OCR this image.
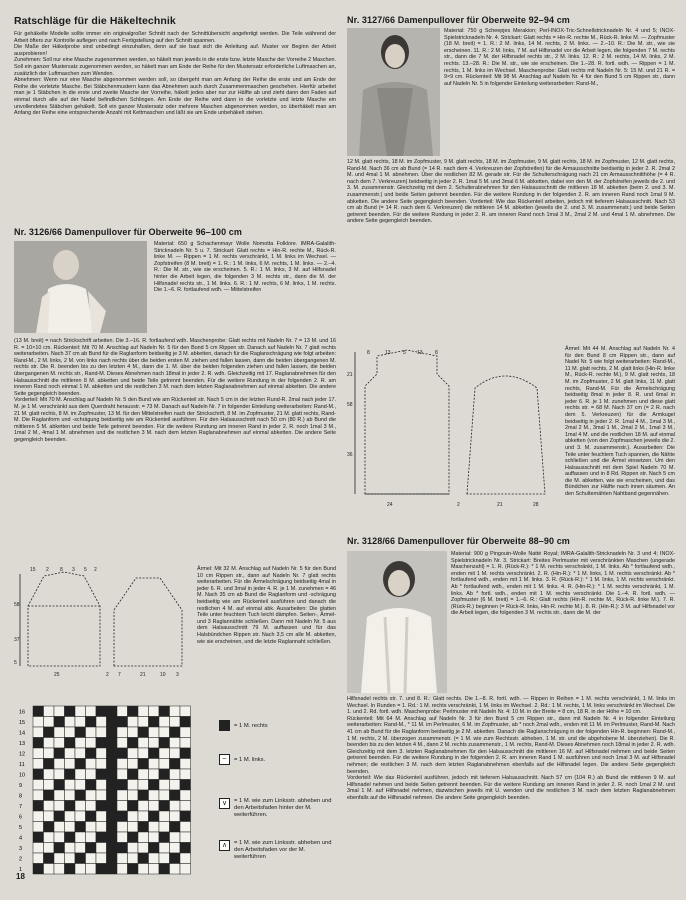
Ratschläge für die Häkeltechnik

Für gehäkelte Modelle sollte immer ein originalgroßer Schnitt nach der Schnittübersicht angefertigt werden. Die Teile während der Arbeit öfters zur Kontrolle auflegen und nach Fertigstellung auf den Schnitt spannen.

Die Maße der Häkelprobe sind unbedingt einzuhalten, denn auf sie baut sich die Anleitung auf. Muster vor Beginn der Arbeit ausprobieren!

Zunehmen: Soll nur eine Masche zugenommen werden, so häkelt man jeweils in die erste bzw. letzte Masche der Vorreihe 2 Maschen. Soll ein ganzer Mustersatz zugenommen werden, so häkelt man am Ende der Reihe für den Mustersatz erforderliche Luftmaschen an, zusätzlich der Luftmaschen zum Wenden.

Abnehmen: Wenn nur eine Masche abgenommen werden soll, so übergeht man am Anfang der Reihe die erste und am Ende der Reihe die vorletzte Masche. Bei Stäbchenmustern kann das Abnehmen auch durch Zusammenmaschen geschehen. Hierfür arbeitet man je 1 Stäbchen in die erste und zweite Masche der Vorreihe, häkelt jedes aber nur zur Hälfte ab und zieht dann den Faden auf einmal durch alle auf der Nadel befindlichen Schlingen. Am Ende der Reihe wird dann in die vorletzte und letzte Masche ein unvollendetes Stäbchen gehäkelt. Soll ein ganzer Mustersatz oder mehrere Maschen abgenommen werden, so überhäkelt man am Anfang der Reihe eine entsprechende Anzahl mit Kettmaschen und läßt sie am Ende unbehäkelt stehen.

Nr. 3126/66 Damenpullover für Oberweite 96–100 cm

Material: 650 g Schachenmayr Wolle Nomotta Folklore. IMRA-Galalith-Stricknadeln Nr. 5 u. 7. Strickart: Glatt rechts = Hin-R. rechte M., Rück-R. linke M. — Rippen = 1 M. rechts verschränkt, 1 M. links im Wechsel. — Zopfstreifen (8 M. breit) = 1. R.: 1 M. links, 6 M. rechts, 1 M. links. — 2.–4. R.: Die M. str., wie sie erscheinen. 5. R.: 1 M. links, 3 M. auf Hilfsnadel hinter die Arbeit legen, die folgenden 3 M. rechts str., dann die M. der Hilfsnadel rechts str., 1 M. links. 6. R.: 1 M. rechts, 6 M. links, 1 M. rechts. Die 1.–6. R. fortlaufend wdh. — Mittelstreifen

(13 M. breit) = nach Strickschrift arbeiten. Die 3.–16. R. fortlaufend wdh. Maschenprobe: Glatt rechts mit Nadeln Nr. 7 = 13 M. und 16 R. = 10×10 cm. Rückenteil: Mit 70 M. Anschlag auf Nadeln Nr. 5 für den Bund 5 cm Rippen str. Danach auf Nadeln Nr. 7 glatt rechts weiterarbeiten. Nach 37 cm ab Bund für die Raglanform beidseitig je 3 M. abketten, danach für die Raglanschrägung wie folgt arbeiten: Rand-M., 2 M. links, 2 M. von links nach rechts über die beiden ersten M. ziehen und fallen lassen, dann die beiden übergangenen M. rechts str. Die R. beenden bis zu den letzten 4 M., dann die 1. M. über die beiden folgenden ziehen und fallen lassen, die beiden übergangenen M. rechts str., Rand-M. Dieses Abnehmen nach 18mal in jeder 2. R. wdh. Gleichzeitig mit 17. Raglanabnehmen für den Halsausschnitt die mittleren 8 M. abketten und beide Teile getrennt beenden. Für die weitere Rundung in der folgenden 2. R. am inneren Rand noch einmal 1 M. abketten und die restlichen 3 M. nach dem letzten Raglanabnehmen auf einmal abketten. Die andere Seite gegengleich beenden.

Vorderteil: Mit 70 M. Anschlag auf Nadeln Nr. 5 den Bund wie am Rückenteil str. Nach 5 cm in der letzten Rund-R. 2mal nach jeder 17. M. je 1 M. verschränkt aus dem Querdraht herausstr. = 73 M. Danach auf Nadeln Nr. 7 in folgender Einteilung weiterarbeiten: Rand-M., 21 M. glatt rechts, 8 M. im Zopfmuster, 13 M. für den Mittelstreifen nach der Strickschrift, 8 M. im Zopfmuster, 21 M. glatt rechts, Rand-M. Die Raglanform und -schrägung beidseitig wie am Rückenteil ausführen. Für den Halsausschnitt nach 50 cm (80 R.) ab Bund die mittleren 5 M. abketten und beide Teile getrennt beenden. Für die weitere Rundung am inneren Rand in jeder 2. R. noch 1mal 3 M., 1mal 2 M., 4mal 1 M. abnehmen und die restlichen 3 M. nach dem letzten Raglanabnehmen auf einmal abketten. Die andere Seite gegengleich beenden.

15 2 8 3 5 2
58
37
5
25	2 7	21	10 3

Ärmel: Mit 32 M. Anschlag auf Nadeln Nr. 5 für den Bund 10 cm Rippen str., dann auf Nadeln Nr. 7 glatt rechts weiterarbeiten. Für die Ärmelschrägung beidseitig 4mal in jeder 6. R. und 3mal in jeder 4. R. je 1 M. zunehmen = 46 M. Nach 35 cm ab Bund die Raglanform und -schrägung beidseitig wie am Rückenteil ausführen und danach die restlichen 4 M. auf einmal abk. Ausarbeiten: Die glatten Teile unter feuchtem Tuch leicht dämpfen. Seiten-, Ärmel- und 3 Raglannähte schließen. Dann mit Nadeln Nr. 5 aus dem Halsausschnitt 79 M. auffassen und für das Halsbündchen Rippen str. Nach 3,5 cm alle M. abketten, wie sie erscheinen, und die letzte Raglannaht schließen.

16
15
14
13
12
11
10
9
8
7
6
5
4
3
2
1
= 1 M. rechts
– = 1 M. links.
∨ = 1 M. wie zum Linksstr. abheben und den Arbeitsfaden hinter der M. weiterführen.
∧ = 1 M. wie zum Linksstr. abheben und den Arbeitsfaden vor der M. weiterführen
18
Nr. 3127/66 Damenpullover für Oberweite 92–94 cm

Material: 750 g Scheepjes Merakion; Perl-INOX-Tric-Schnellstricknadeln Nr. 4 und 5; INOX-Spielstricknadeln Nr. 4. Strickart: Glatt rechts = Hin-R. rechte M., Rück-R. linke M. — Zopfmuster (18 M. breit) = 1. R.: 2 M. links, 14 M. rechts, 2 M. links. — 2.–10. R.: Die M. str., wie sie erscheinen. 11. R.: 2 M. links, 7 M. auf Hilfsnadel vor die Arbeit legen, die folgenden 7 M. rechts str., dann die 7 M. der Hilfsnadel rechts str., 2 M. links. 12. R.: 2 M. rechts, 14 M. links, 2 M. rechts. 13.–28. R.: Die M. str., wie sie erscheinen. Die 1.–28. R. fortl. wdh. — Rippen = 1 M. rechts, 1 M. links im Wechsel. Maschenprobe: Glatt rechts mit Nadeln Nr. 5: 15 M. und 21 R. = 9×9 cm. Rückenteil: Mit 98 M. Anschlag auf Nadeln Nr. 4 für den Bund 5 cm Rippen str., dann auf Nadeln Nr. 5 in folgender Einteilung weiterarbeiten: Rand-M.,

12 M. glatt rechts, 18 M. im Zopfmuster, 9 M. glatt rechts, 18 M. im Zopfmuster, 9 M. glatt rechts, 18 M. im Zopfmuster, 12 M. glatt rechts, Rand-M. Nach 36 cm ab Bund (= 14 R. nach dem 4. Verkreuzen der Zopfstreifen) für die Armausschnitte beidseitig in jeder 2. R. 2mal 2 M. und 4mal 1 M. abnehmen. Über die restlichen 82 M. gerade str. Für die Schulterschrägung nach 21 cm Armausschnitthöhe (= 4 R. nach dem 7. Verkreuzen) beidseitig in jeder 2. R. 1mal 5 M. und 3mal 6 M. abketten, dabei von den M. der Zopfstreifen jeweils die 2. und 3. M. zusammenstr. Gleichzeitig mit dem 2. Schulterabnehmen für den Halsausschnitt die mittleren 18 M. abketten (beim 2. und 3. M. zusammenstr.) und beide Seiten getrennt beenden. Für die weitere Rundung in der folgenden 2. R. am inneren Rand noch 1mal 9 M. abketten. Die andere Seite gegengleich beenden. Vorderteil: Wie das Rückenteil arbeiten, jedoch mit tieferem Halsausschnitt. Nach 53 cm ab Bund (= 14 R. nach dem 6. Verkreuzen) die mittleren 14 M. abketten (jeweils die 2. und 3. M. zusammenstr.) und beide Seiten getrennt beenden. Für die weitere Rundung in jeder 2. R. am inneren Rand noch 1mal 3 M., 2mal 2 M. und 4mal 1 M. abnehmen. Die andere Seite gegengleich beenden.

8	13 5 13 8
58
21
36
24	2	21	28

Ärmel: Mit 44 M. Anschlag auf Nadeln Nr. 4 für den Bund 8 cm Rippen str., dann auf Nadel Nr. 5 wie folgt weiterarbeiten: Rand-M., 11 M. glatt rechts, 2 M. glatt links (Hin-R. linke M., Rück-R. rechte M.), 9 M. glatt rechts, 18 M. im Zopfmuster, 2 M. glatt links, 11 M. glatt rechts, Rand-M. Für die Ärmelschrägung beidseitig 8mal in jeder 8. R. und 6mal in jeder 6. R. je 1 M. zunehmen und diese glatt rechts str. = 68 M. Nach 37 cm (= 2 R. nach dem 5. Verkreuzen) für die Armkugel beidseitig in jeder 2. R. 1mal 4 M., 1mal 3 M., 2mal 2 M., 3mal 1 M., 2mal 2 M., 1mal 3 M., 1mal 4 M. und die restlichen 18 M. auf einmal abketten (von den Zopfmaschen jeweils die 2. und 3. M. zusammenstr.). Ausarbeiten: Die Teile unter feuchtem Tuch spannen, die Nähte schließen und die Ärmel einsetzen. Um den Halsausschnitt mit dem Spiel Nadeln 70 M. auffassen und in 8 Rd. Rippen str. Nach 5 cm die M. abketten, wie sie erscheinen, und das Bündchen zur Hälfte nach innen säumen. An den Schulternähten Nahtband gegennähen.

Nr. 3128/66 Damenpullover für Oberweite 88–90 cm

Material: 900 g Pingouin-Wolle Natté Royal; IMRA-Galalith-Stricknadeln Nr. 3 und 4; INOX-Spielstricknadeln Nr. 3. Strickart: Breites Perlmuster mit verschränkten Maschen (ungerade Maschenzahl) = 1. R. (Rück-R.): * 1 M. rechts verschränkt, 1 M. links. Ab * fortlaufend wdh., enden mit 1 M. rechts verschränkt. 2. R. (Hin-R.): * 1 M. links, 1 M. rechts verschränkt. Ab * fortlaufend wdh., enden mit 1 M. links. 3. R. (Rück-R.): * 1 M. links, 1 M. rechts verschränkt. Ab * fortlaufend wdh., enden mit 1 M. links. 4. R. (Hin-R.): * 1 M. rechts verschränkt, 1 M. links. Ab * fortl. wdh., enden mit 1 M. rechts verschränkt. Die 1.–4. R. fortl. wdh. — Zopfmuster (6 M. breit) = 1.–6. R.: Glatt rechts (Hin-R. rechte M., Rück-R. linke M.). 7. R. (Rück-R.) beginnen (= Rück-R. links, Hin-R. rechte M.). 8. R. (Hin-R.): 3 M. auf Hilfsnadel vor die Arbeit legen, die folgenden 3 M. rechts str., dann die M. der

Hilfsnadel rechts str. 7. und 8. R.: Glatt rechts. Die 1.–8. R. fortl. wdh. — Rippen in Reihen = 1 M. rechts verschränkt, 1 M. links im Wechsel. In Runden = 1. Rd.: 1 M. rechts verschränkt, 1 M. links im Wechsel. 2. Rd.: 1 M. rechts, 1 M. links verschränkt im Wechsel. Die 1. und 2. Rd. fortl. wdh. Maschenprobe: Perlmuster mit Nadeln Nr. 4: 10 M. in der Breite = 8 cm, 18 R. in der Höhe = 10 cm.

Rückenteil: Mit 64 M. Anschlag auf Nadeln Nr. 3 für den Bund 5 cm Rippen str., dann mit Nadeln Nr. 4 in folgender Einteilung weiterarbeiten: Rand-M., * 11 M. im Perlmuster, 6 M. im Zopfmuster, ab * noch 2mal wdh., enden mit 11 M. im Perlmuster, Rand-M. Nach 41 cm ab Bund für die Raglanform beidseitig je 2 M. abketten. Danach die Raglanschrägung in der folgenden Hin-R. beginnen: Rand-M., 1 M. rechts, 2 M. überzogen zusammenstr. (= 1 M. wie zum Rechtsstr. abheben, 1 M. str. und die abgehobene M. überziehen). Die R. beenden bis zu den letzten 4 M., dann 2 M. rechts zusammenstr., 1 M. rechts, Rand-M. Dieses Abnehmen noch 18mal in jeder 2. R. wdh. Gleichzeitig mit dem 3. letzten Raglanabnehmen für den Halsausschnitt die mittleren 16 M. auf Hilfsnadel nehmen und beide Seiten getrennt beenden. Für die weitere Rundung in der folgenden 2. R. am inneren Rand 1 M. ausführen und noch 1mal 3 M. auf Hilfsnadel nehmen; die restlichen 3 M. nach dem letzten Raglanabnehmen ebenfalls auf die Hilfsnadel legen. Die andere Seite gegengleich beenden.

Vorderteil: Wie das Rückenteil ausführen, jedoch mit tieferem Halsausschnitt. Nach 57 cm (104 R.) ab Bund die mittleren 9 M. auf Hilfsnadel nehmen und beide Seiten getrennt beenden. Für die weitere Rundung am inneren Rand in jeder 2. R. noch 1mal 2 M. und 3mal 1 M. auf Hilfsnadel nehmen, dazwischen jeweils mit U. wenden und die restlichen 3 M. nach dem letzten Raglanabnehmen ebenfalls auf die Hilfsnadel nehmen. Die andere Seite gegengleich beenden.
